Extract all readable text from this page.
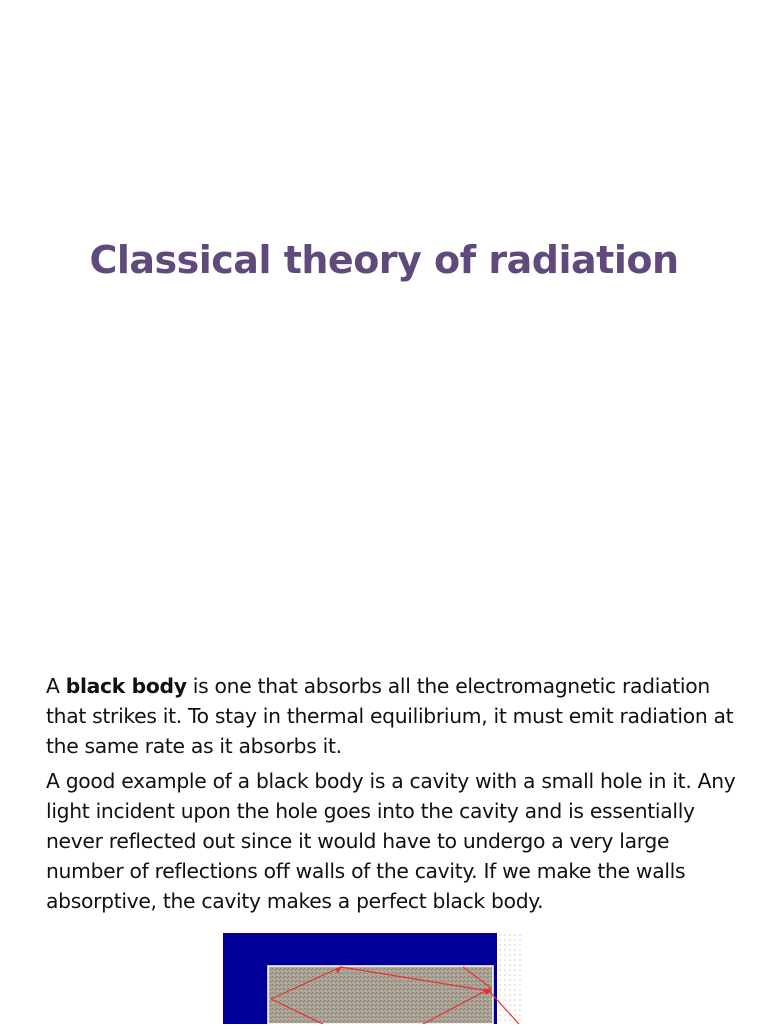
Classical theory of radiation

A black body is one that absorbs all the electromagnetic radiation that strikes it. To stay in thermal equilibrium, it must emit radiation at the same rate as it absorbs it.

A good example of a black body is a cavity with a small hole in it. Any light incident upon the hole goes into the cavity and is essentially never reflected out since it would have to undergo a very large number of reflections off walls of the cavity. If we make the walls absorptive, the cavity makes a perfect black body.
